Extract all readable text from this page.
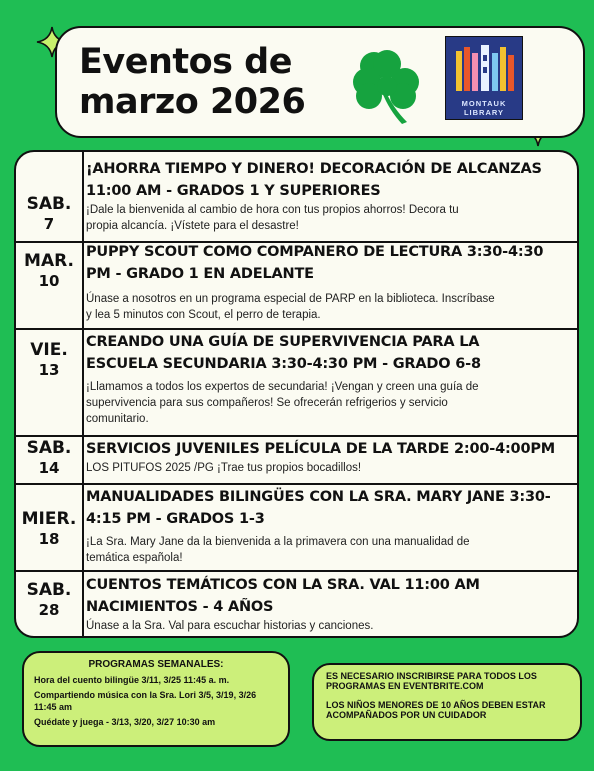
Eventos de
marzo 2026	MONTAUK
LIBRARY
SAB.
7

¡AHORRA TIEMPO Y DINERO! DECORACIÓN DE ALCANZAS

11:00 AM - GRADOS 1 Y SUPERIORES

¡Dale la bienvenida al cambio de hora con tus propios ahorros! Decora tu

propia alcancía. ¡Vístete para el desastre!

MAR.
10

PUPPY SCOUT COMO COMPANERO DE LECTURA 3:30-4:30

PM - GRADO 1 EN ADELANTE

Únase a nosotros en un programa especial de PARP en la biblioteca. Inscríbase

y lea 5 minutos con Scout, el perro de terapia.

VIE.
13

CREANDO UNA GUÍA DE SUPERVIVENCIA PARA LA

ESCUELA SECUNDARIA 3:30-4:30 PM - GRADO 6-8

¡Llamamos a todos los expertos de secundaria! ¡Vengan y creen una guía de

supervivencia para sus compañeros! Se ofrecerán refrigerios y servicio

comunitario.

SAB.
14

SERVICIOS JUVENILES PELÍCULA DE LA TARDE 2:00-4:00PM

LOS PITUFOS 2025 /PG ¡Trae tus propios bocadillos!

MIER.
18

MANUALIDADES BILINGÜES CON LA SRA. MARY JANE 3:30-

4:15 PM - GRADOS 1-3

¡La Sra. Mary Jane da la bienvenida a la primavera con una manualidad de

temática española!

SAB.
28

CUENTOS TEMÁTICOS CON LA SRA. VAL 11:00 AM

NACIMIENTOS - 4 AÑOS

Únase a la Sra. Val para escuchar historias y canciones.

PROGRAMAS SEMANALES:

Hora del cuento bilingüe 3/11, 3/25 11:45 a. m.

Compartiendo música con la Sra. Lori 3/5, 3/19, 3/26 11:45 am

Quédate y juega - 3/13, 3/20, 3/27 10:30 am

ES NECESARIO INSCRIBIRSE PARA TODOS LOS PROGRAMAS EN EVENTBRITE.COM

LOS NIÑOS MENORES DE 10 AÑOS DEBEN ESTAR ACOMPAÑADOS POR UN CUIDADOR
